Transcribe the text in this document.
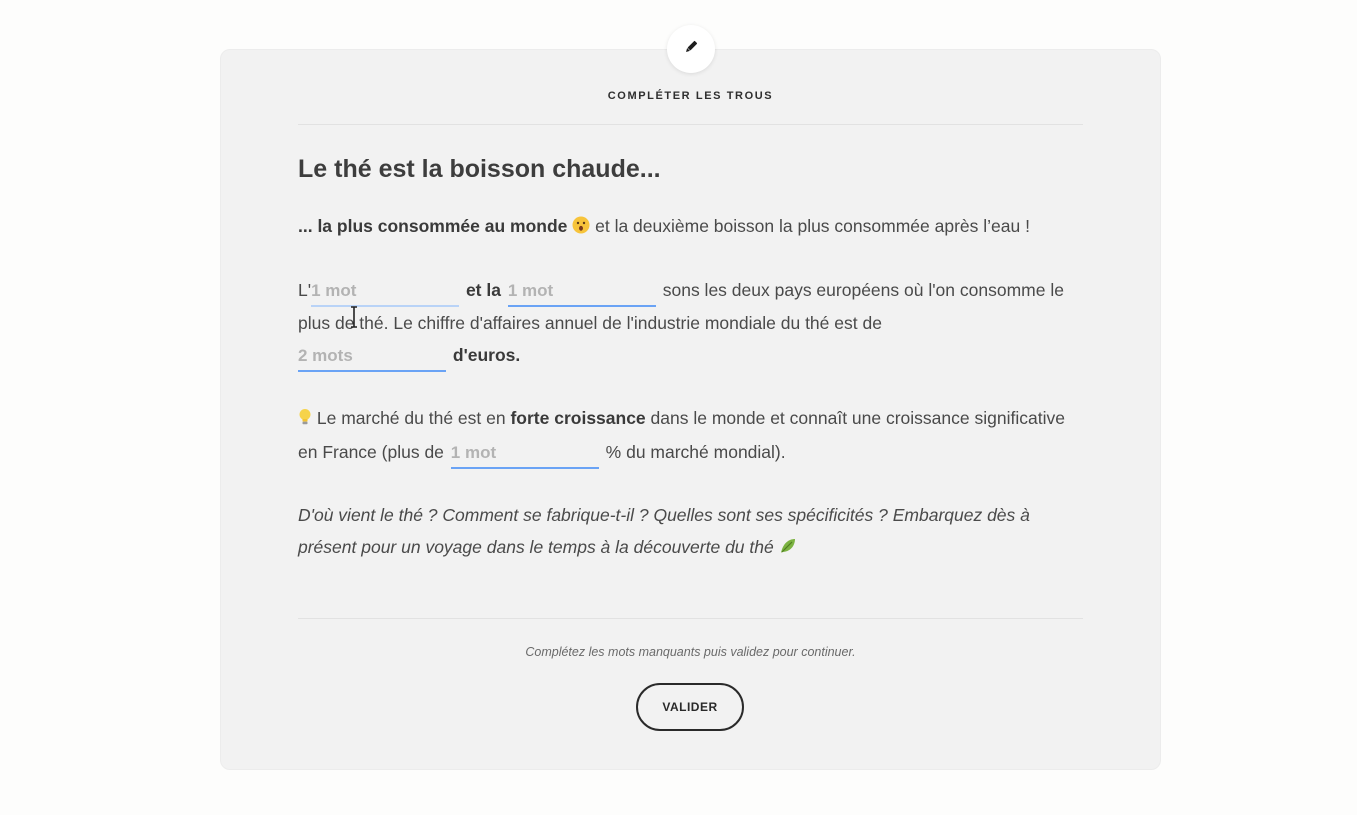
COMPLÉTER LES TROUS
Le thé est la boisson chaude...

... la plus consommée au monde  et la deuxième boisson la plus consommée après l’eau !

L'1 mot	et la 1 mot	sons les deux pays européens où l'on consomme le plus de thé. Le chiffre d'affaires annuel de l'industrie mondiale du thé est de
2 mots d'euros.

Le marché du thé est en forte croissance dans le monde et connaît une croissance significative en France (plus de 1 mot	% du marché mondial).

D'où vient le thé ? Comment se fabrique-t-il ? Quelles sont ses spécificités ? Embarquez dès à présent pour un voyage dans le temps à la découverte du thé

Complétez les mots manquants puis validez pour continuer.
VALIDER
